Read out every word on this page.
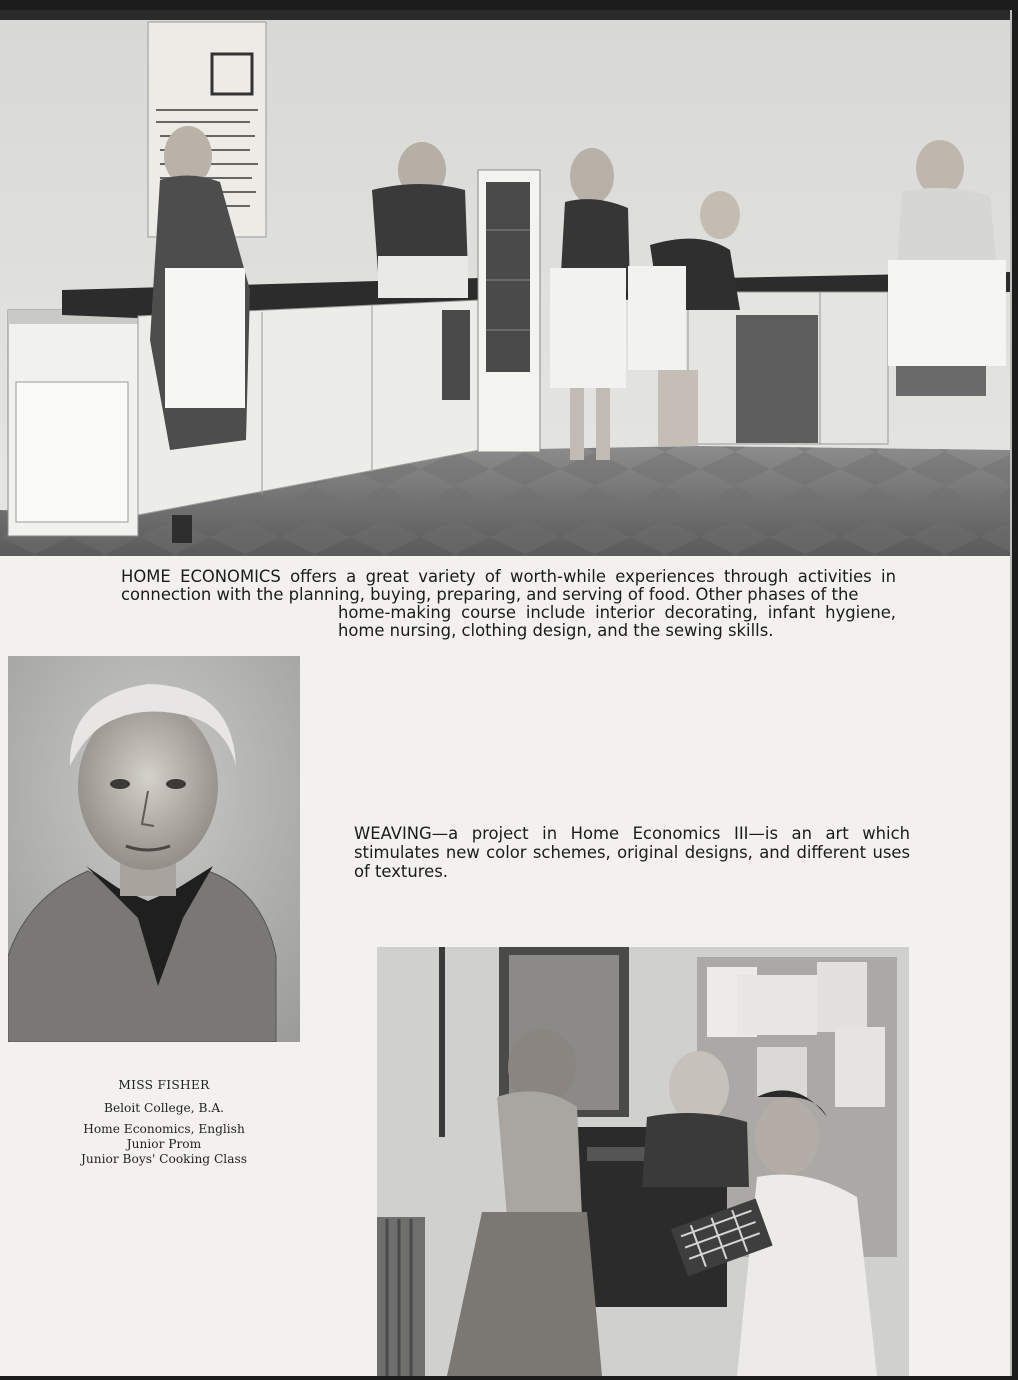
HOME ECONOMICS offers a great variety of worth-while experiences through activities in

connection with the planning, buying, preparing, and serving of food. Other phases of the

home-making course include interior decorating, infant hygiene,

home nursing, clothing design, and the sewing skills.

MISS FISHER
Beloit College, B.A.
Home Economics, English
Junior Prom
Junior Boys' Cooking Class

WEAVING—a project in Home Economics III—is an art which

stimulates new color schemes, original designs, and different uses

of textures.
